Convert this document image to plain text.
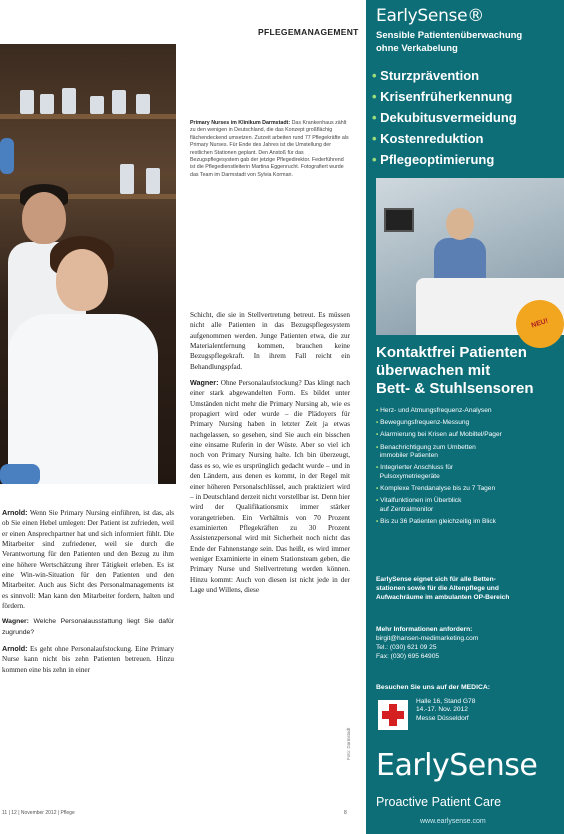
PFLEGEMANAGEMENT
Primary Nurses im Klinikum Darmstadt: Das Krankenhaus zählt zu den wenigen in Deutschland, die das Konzept großflächig flächendeckend umsetzen. Zurzeit arbeiten rund 77 Pflegekräfte als Primary Nurses. Für Ende des Jahres ist die Umstellung der restlichen Stationen geplant. Den Anstoß für das Bezugspflegesystem gab der jetzige Pflegedirektor. Federführend ist die Pflegedienstleiterin Martina Eggenrucht. Fotografiert wurde das Team im Darmstadt von Sylvia Korman.

Arnold: Wenn Sie Primary Nursing einführen, ist das, als ob Sie einen Hebel umlegen: Der Patient ist zufrieden, weil er einen Ansprechpartner hat und sich informiert fühlt. Die Mitarbeiter sind zufriedener, weil sie durch die Verantwortung für den Patienten und den Bezug zu ihm eine höhere Wertschätzung ihrer Tätigkeit erleben. Es ist eine Win-win-Situation für den Patienten und den Mitarbeiter. Auch aus Sicht des Personalmanagements ist es sinnvoll: Man kann den Mitarbeiter fordern, halten und fördern.

Wagner: Welche Personalausstattung liegt Sie dafür zugrunde?

Arnold: Es geht ohne Personalaufstockung. Eine Primary Nurse kann nicht bis zehn Patienten betreuen. Hinzu kommen eine bis zehn in einer

Schicht, die sie in Stellvertretung betreut. Es müssen nicht alle Patienten in das Bezugspflegesystem aufgenommen werden. Junge Patienten etwa, die zur Materialentfernung kommen, brauchen keine Bezugspflegekraft. In ihrem Fall reicht ein Behandlungspfad.

Wagner: Ohne Personalaufstockung? Das klingt nach einer stark abgewandelten Form. Es bildet unter Umständen nicht mehr die Primary Nursing ab, wie es propagiert wird oder wurde – die Plädoyers für Primary Nursing haben in letzter Zeit ja etwas nachgelassen, so gesehen, sind Sie auch ein bisschen eine einsame Ruferin in der Wüste. Aber so viel ich noch von Primary Nursing halte. Ich bin überzeugt, dass es so, wie es ursprünglich gedacht wurde – und in den Ländern, aus denen es kommt, in der Regel mit einer höheren Personalschlüssel, auch praktiziert wird – in Deutschland derzeit nicht vorstellbar ist. Denn hier wird der Qualifikationsmix immer stärker vorangetrieben. Ein Verhältnis von 70 Prozent examinierten Pflegekräften zu 30 Prozent Assistenzpersonal wird mit Sicherheit noch nicht das Ende der Fahnenstange sein. Das heißt, es wird immer weniger Examinierte in einem Stationsteam geben, die Primary Nurse und Stellvertretung werden können. Hinzu kommt: Auch von diesen ist nicht jede in der Lage und Willens, diese

Foto: Darmstadt
11 | 12 | November 2012 | Pflege	8
EarlySense®
Sensible Patientenüberwachung
ohne Verkabelung
• Sturzprävention
• Krisenfrüherkennung
• Dekubitusvermeidung
• Kostenreduktion
• Pflegeoptimierung
NEU!
Kontaktfrei Patienten
überwachen mit
Bett- & Stuhlsensoren
• Herz- und Atmungsfrequenz-Analysen
• Bewegungsfrequenz-Messung
• Alarmierung bei Krisen auf Mobiltel/Pager
• Benachrichtigung zum Umbetten
immobiler Patienten
• Integrierter Anschluss für
Pulsoxymetriegeräte
• Komplexe Trendanalyse bis zu 7 Tagen
• Vitalfunktionen im Überblick
auf Zentralmonitor
• Bis zu 36 Patienten gleichzeitig im Blick
EarlySense eignet sich für alle Betten-
stationen sowie für die Altenpflege und
Aufwachräume im ambulanten OP-Bereich
Mehr Informationen anfordern:
birgit@hansen-medimarketing.com
Tel.: (030) 621 09 25
Fax: (030) 695 64905
Besuchen Sie uns auf der MEDICA:
Halle 16, Stand G78
14.-17. Nov. 2012
Messe Düsseldorf
EarlySense
Proactive Patient Care
www.earlysense.com
